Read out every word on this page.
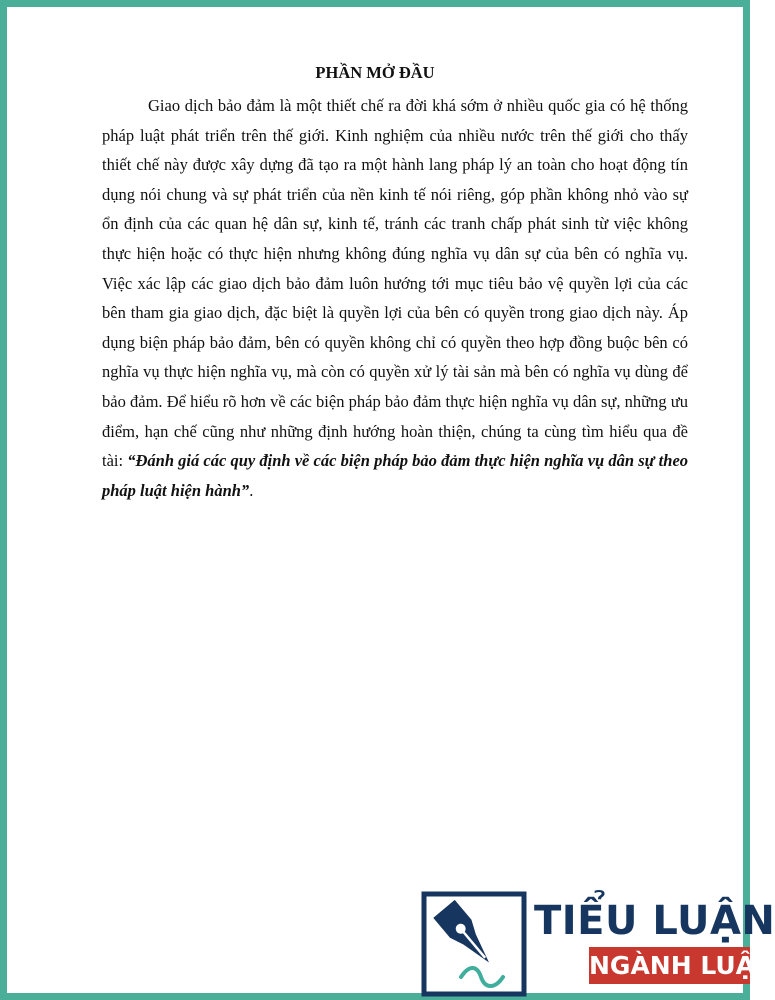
PHẦN MỞ ĐẦU

Giao dịch bảo đảm là một thiết chế ra đời khá sớm ở nhiều quốc gia có hệ thống pháp luật phát triển trên thế giới. Kinh nghiệm của nhiều nước trên thế giới cho thấy thiết chế này được xây dựng đã tạo ra một hành lang pháp lý an toàn cho hoạt động tín dụng nói chung và sự phát triển của nền kinh tế nói riêng, góp phần không nhỏ vào sự ổn định của các quan hệ dân sự, kinh tế, tránh các tranh chấp phát sinh từ việc không thực hiện hoặc có thực hiện nhưng không đúng nghĩa vụ dân sự của bên có nghĩa vụ. Việc xác lập các giao dịch bảo đảm luôn hướng tới mục tiêu bảo vệ quyền lợi của các bên tham gia giao dịch, đặc biệt là quyền lợi của bên có quyền trong giao dịch này. Áp dụng biện pháp bảo đảm, bên có quyền không chỉ có quyền theo hợp đồng buộc bên có nghĩa vụ thực hiện nghĩa vụ, mà còn có quyền xử lý tài sản mà bên có nghĩa vụ dùng để bảo đảm. Để hiểu rõ hơn về các biện pháp bảo đảm thực hiện nghĩa vụ dân sự, những ưu điểm, hạn chế cũng như những định hướng hoàn thiện, chúng ta cùng tìm hiểu qua đề tài: “Đánh giá các quy định về các biện pháp bảo đảm thực hiện nghĩa vụ dân sự theo pháp luật hiện hành”.

TIỂU LUẬN
NGÀNH LUẬT
